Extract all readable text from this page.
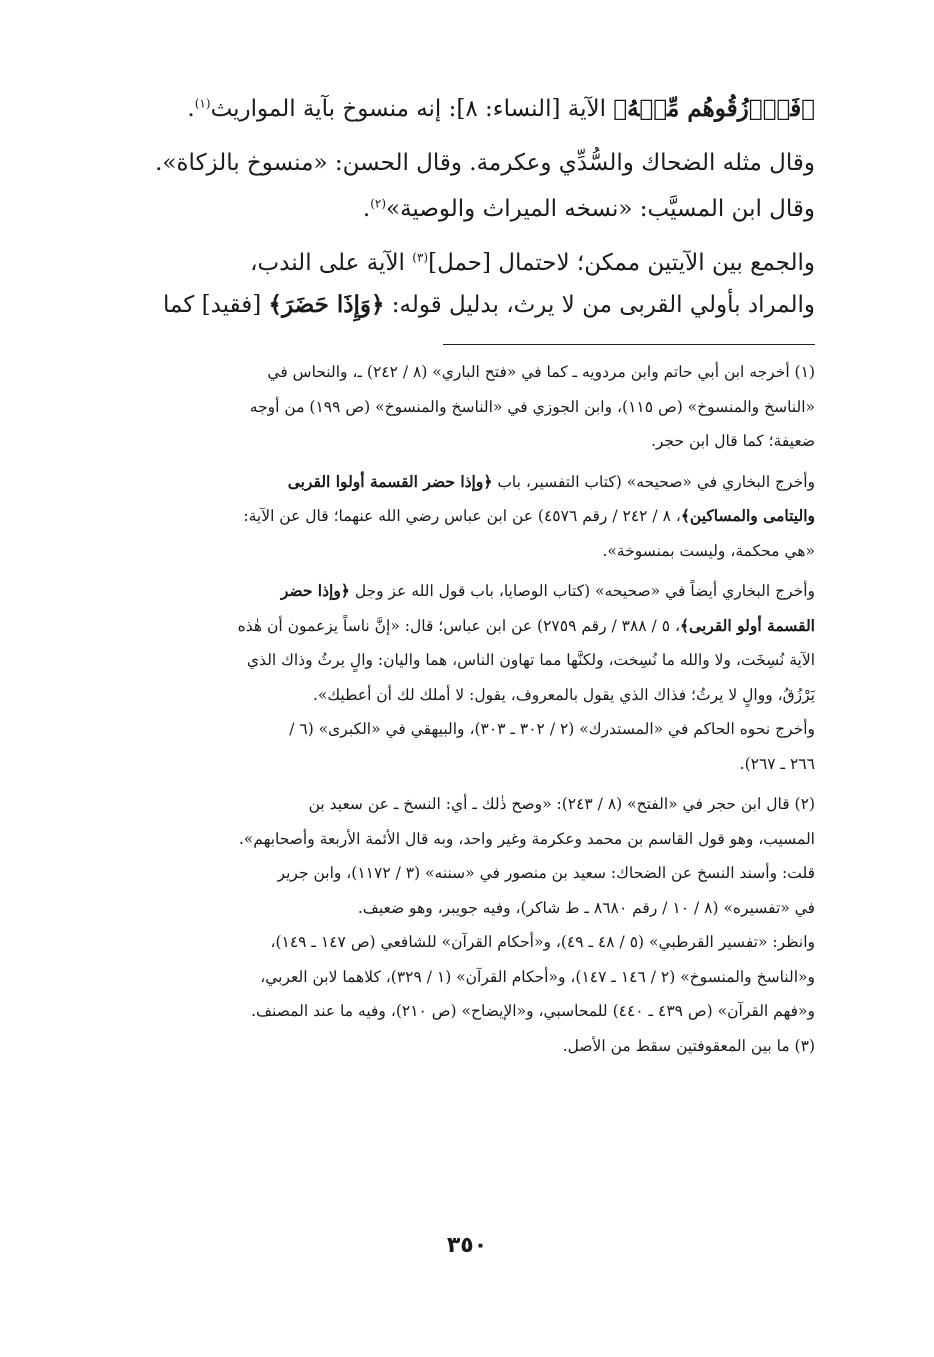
﴿فَٱرۡزُقُوهُم مِّنۡهُ﴾ الآية [النساء: ٨]: إنه منسوخ بآية المواريث$^{(١)}$.

وقال مثله الضحاك والسُّدِّي وعكرمة. وقال الحسن: «منسوخ بالزكاة».

وقال ابن المسيَّب: «نسخه الميراث والوصية»$^{(٢)}$.

والجمع بين الآيتين ممكن؛ لاحتمال [حمل]$^{(٣)}$ الآية على الندب،

والمراد بأولي القربى من لا يرث، بدليل قوله: ﴿وَإِذَا حَضَرَ﴾ [فقيد] كما

(١) أخرجه ابن أبي حاتم وابن مردويه ـ كما في «فتح الباري» (٨ / ٢٤٢) ـ، والنحاس في

«الناسخ والمنسوخ» (ص ١١٥)، وابن الجوزي في «الناسخ والمنسوخ» (ص ١٩٩) من أوجه

ضعيفة؛ كما قال ابن حجر.

وأخرج البخاري في «صحيحه» (كتاب التفسير، باب ﴿وإذا حضر القسمة أولوا القربى

واليتامى والمساكين﴾، ٨ / ٢٤٢ / رقم ٤٥٧٦) عن ابن عباس رضي الله عنهما؛ قال عن الآية:

«هي محكمة، وليست بمنسوخة».

وأخرج البخاري أيضاً في «صحيحه» (كتاب الوصايا، باب قول الله عز وجل ﴿وإذا حضر

القسمة أولو القربى﴾، ٥ / ٣٨٨ / رقم ٢٧٥٩) عن ابن عباس؛ قال: «إنَّ ناساً يزعمون أن هٰذه

الآية نُسِخَت، ولا والله ما نُسِخت، ولكنَّها مما تهاون الناس، هما واليان: والٍ يرثُ وذاك الذي

يَرْزُقُ، ووالٍ لا يرثُ؛ فذاك الذي يقول بالمعروف، يقول: لا أملك لك أن أعطيك».

وأخرج نحوه الحاكم في «المستدرك» (٢ / ٣٠٢ ـ ٣٠٣)، والبيهقي في «الكبرى» (٦ /

٢٦٦ ـ ٢٦٧).

(٢) قال ابن حجر في «الفتح» (٨ / ٢٤٣): «وصح ذٰلك ـ أي: النسخ ـ عن سعيد بن

المسيب، وهو قول القاسم بن محمد وعكرمة وغير واحد، وبه قال الأئمة الأربعة وأصحابهم».

قلت: وأسند النسخ عن الضحاك: سعيد بن منصور في «سننه» (٣ / ١١٧٢)، وابن جرير

في «تفسيره» (٨ / ١٠ / رقم ٨٦٨٠ ـ ط شاكر)، وفيه جويبر، وهو ضعيف.

وانظر: «تفسير القرطبي» (٥ / ٤٨ ـ ٤٩)، و«أحكام القرآن» للشافعي (ص ١٤٧ ـ ١٤٩)،

و«الناسخ والمنسوخ» (٢ / ١٤٦ ـ ١٤٧)، و«أحكام القرآن» (١ / ٣٢٩)، كلاهما لابن العربي،

و«فهم القرآن» (ص ٤٣٩ ـ ٤٤٠) للمحاسبي، و«الإيضاح» (ص ٢١٠)، وفيه ما عند المصنف.

(٣) ما بين المعقوفتين سقط من الأصل.

٣٥٠
